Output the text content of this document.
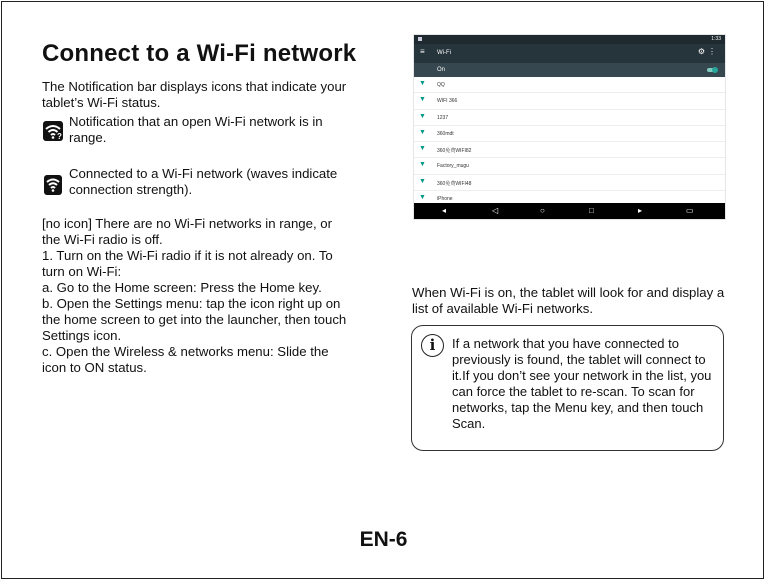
Connect to a Wi-Fi network

The Notification bar displays icons that indicate your tablet’s Wi-Fi status.

?

Notification that an open Wi-Fi network is in range.

Connected to a Wi-Fi network (waves indicate connection strength).

[no icon] There are no Wi-Fi networks in range, or the Wi-Fi radio is off.

1. Turn on the Wi-Fi radio if it is not already on. To turn on Wi-Fi:

a. Go to the Home screen: Press the Home key.

b. Open the Settings menu: tap the icon right up on the home screen to get into the launcher, then touch Settings icon.

c. Open the Wireless & networks menu: Slide the icon to ON status.

1:33
≡ Wi-Fi	⚙⋮
On
▼ QQ
▼ WIFI 366
▼ 1237
▼ 360mdt
▼ 360免费WIFI82
▼ Factory_mugu
▼ 360免费WIFI48
▼ iPhone
◂	◁	○	□	▸	▭

When Wi-Fi is on, the tablet will look for and display a list of available Wi-Fi networks.

i	If a network that you have connected to previously is found, the tablet will connect to it.If you don’t see your network in the list, you can force the tablet to re-scan. To scan for networks, tap the Menu key, and then touch Scan.

EN-6
